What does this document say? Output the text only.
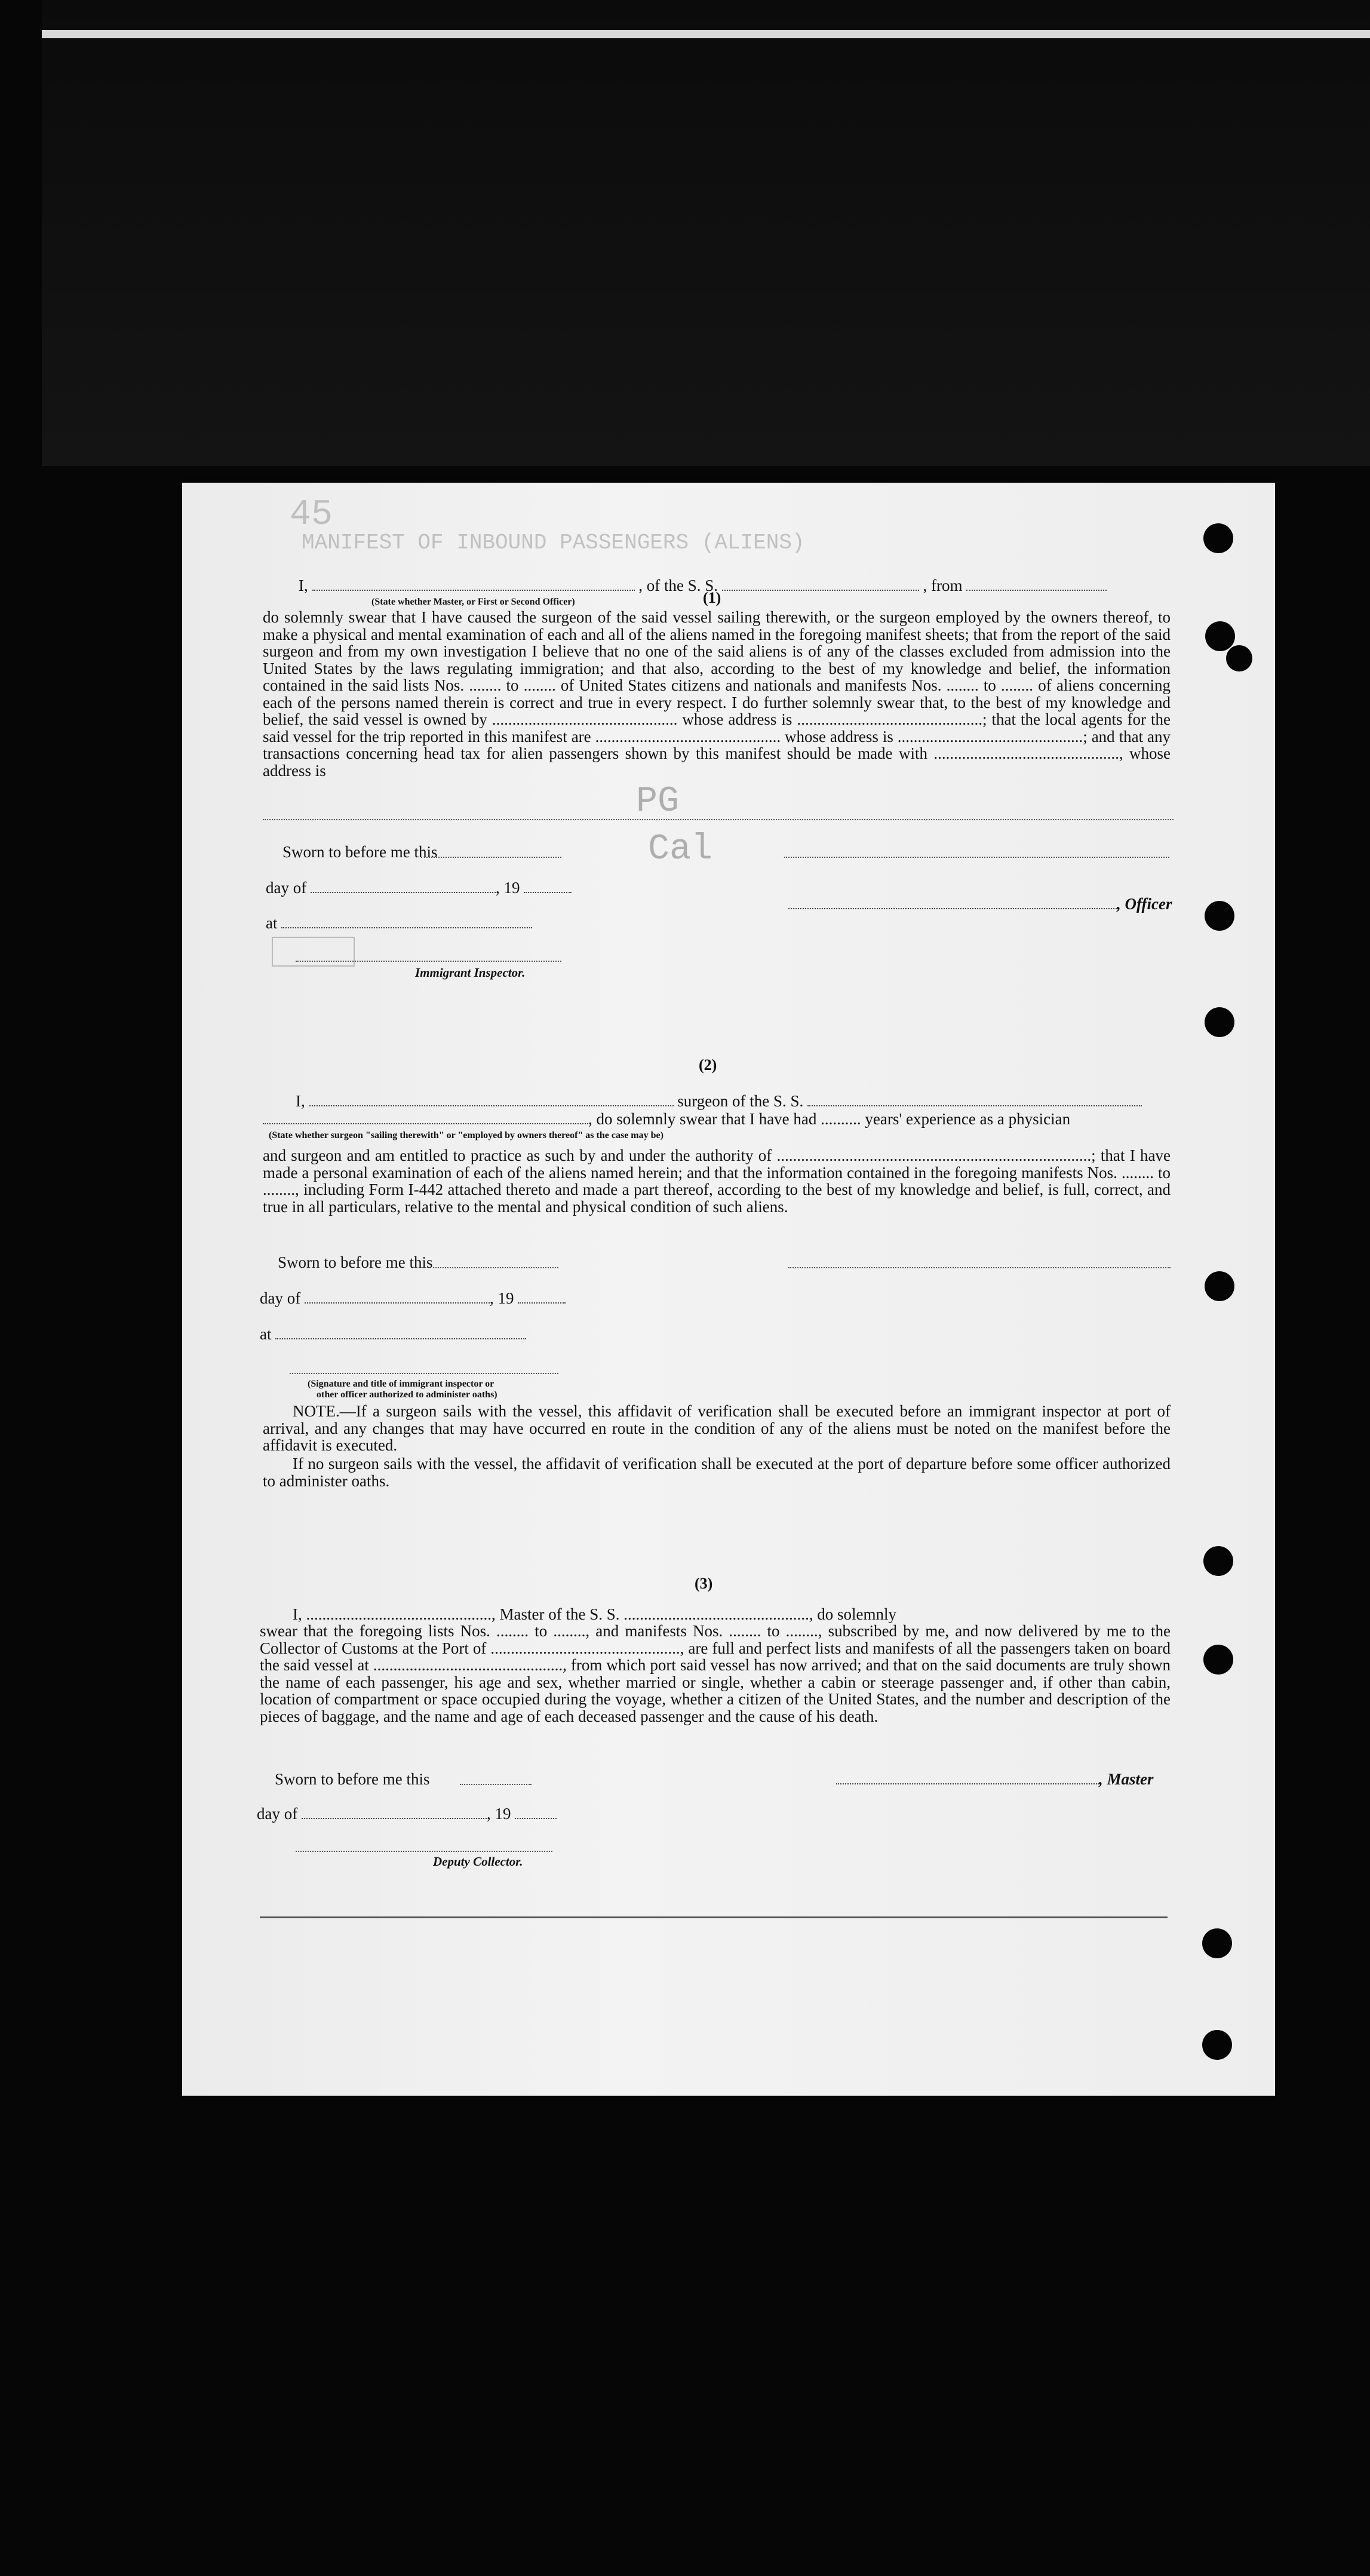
45
MANIFEST OF INBOUND PASSENGERS (ALIENS)
PG
Cal
(1)
I,	, of the S. S.	, from
(State whether Master, or First or Second Officer)
do solemnly swear that I have caused the surgeon of the said vessel sailing therewith, or the surgeon employed by the owners thereof, to make a physical and mental examination of each and all of the aliens named in the foregoing manifest sheets; that from the report of the said surgeon and from my own investigation I believe that no one of the said aliens is of any of the classes excluded from admission into the United States by the laws regulating immigration; and that also, according to the best of my knowledge and belief, the information contained in the said lists Nos. ........ to ........ of United States citizens and nationals and manifests Nos. ........ to ........ of aliens concerning each of the persons named therein is correct and true in every respect. I do further solemnly swear that, to the best of my knowledge and belief, the said vessel is owned by .............................................. whose address is ..............................................; that the local agents for the said vessel for the trip reported in this manifest are .............................................. whose address is ..............................................; and that any transactions concerning head tax for alien passengers shown by this manifest should be made with .............................................., whose address is
Sworn to before me this
day of	, 19
, Officer
at
Immigrant Inspector.
(2)
I,	surgeon of the S. S.
, do solemnly swear that I have had .......... years' experience as a physician
(State whether surgeon "sailing therewith" or "employed by owners thereof" as the case may be)
and surgeon and am entitled to practice as such by and under the authority of ..............................................................................; that I have made a personal examination of each of the aliens named herein; and that the information contained in the foregoing manifests Nos. ........ to ........, including Form I-442 attached thereto and made a part thereof, according to the best of my knowledge and belief, is full, correct, and true in all particulars, relative to the mental and physical condition of such aliens.
Sworn to before me this
day of	, 19
at
(Signature and title of immigrant inspector or
other officer authorized to administer oaths)
NOTE.—If a surgeon sails with the vessel, this affidavit of verification shall be executed before an immigrant inspector at port of arrival, and any changes that may have occurred en route in the condition of any of the aliens must be noted on the manifest before the affidavit is executed.
If no surgeon sails with the vessel, the affidavit of verification shall be executed at the port of departure before some officer authorized to administer oaths.
(3)
I, .............................................., Master of the S. S. .............................................., do solemnly
swear that the foregoing lists Nos. ........ to ........, and manifests Nos. ........ to ........, subscribed by me, and now delivered by me to the Collector of Customs at the Port of ..............................................., are full and perfect lists and manifests of all the passengers taken on board the said vessel at ..............................................., from which port said vessel has now arrived; and that on the said documents are truly shown the name of each passenger, his age and sex, whether married or single, whether a cabin or steerage passenger and, if other than cabin, location of compartment or space occupied during the voyage, whether a citizen of the United States, and the number and description of the pieces of baggage, and the name and age of each deceased passenger and the cause of his death.
Sworn to before me this	, Master
day of	, 19
Deputy Collector.
